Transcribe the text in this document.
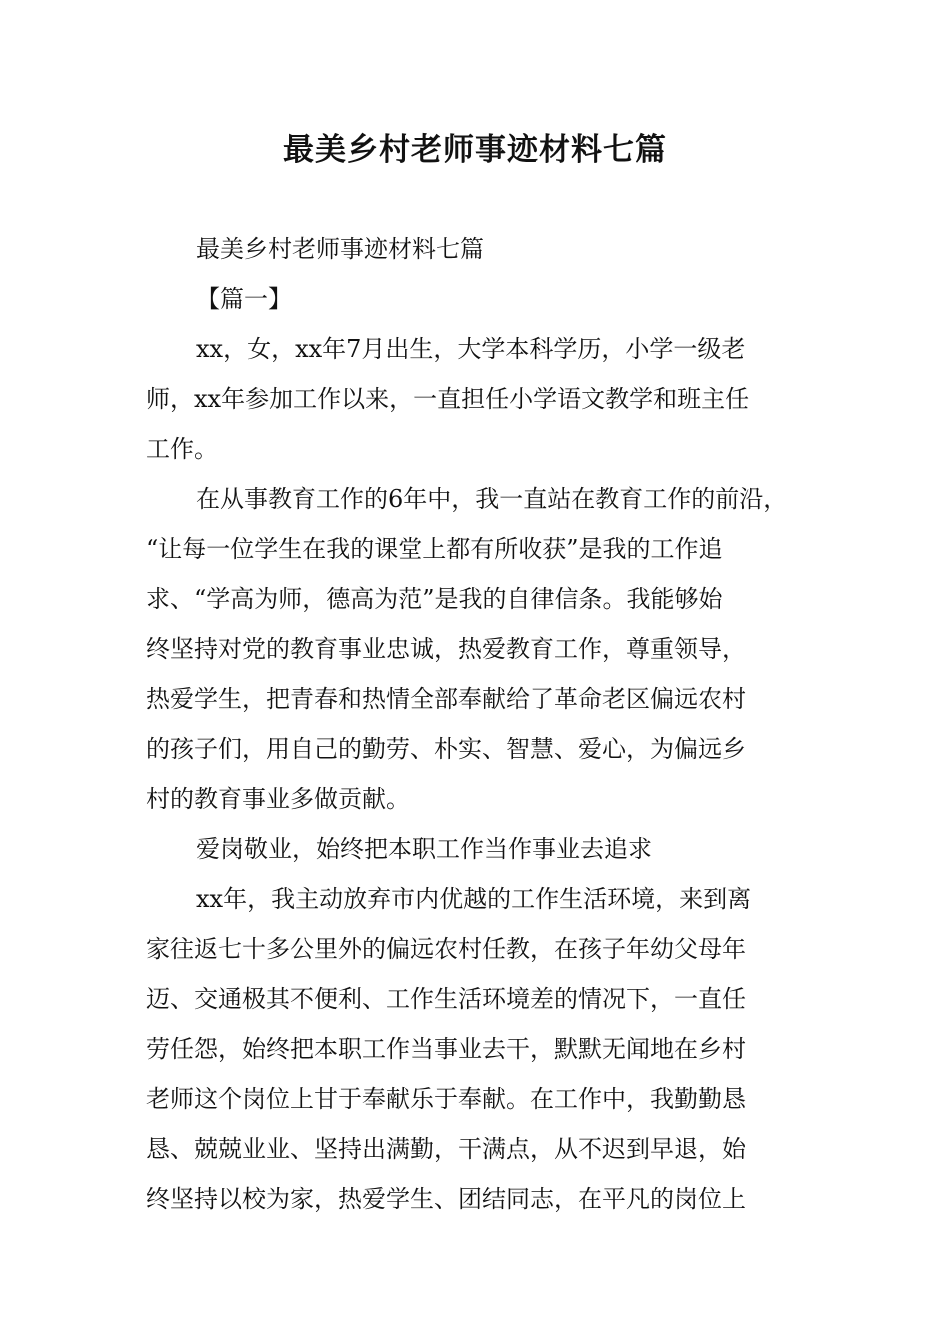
最美乡村老师事迹材料七篇
最美乡村老师事迹材料七篇
【篇一】
xx，女，xx年7月出生，大学本科学历，小学一级老
师，xx年参加工作以来，一直担任小学语文教学和班主任
工作。
在从事教育工作的6年中，我一直站在教育工作的前沿，
“让每一位学生在我的课堂上都有所收获”是我的工作追
求、“学高为师，德高为范”是我的自律信条。我能够始
终坚持对党的教育事业忠诚，热爱教育工作，尊重领导，
热爱学生，把青春和热情全部奉献给了革命老区偏远农村
的孩子们，用自己的勤劳、朴实、智慧、爱心，为偏远乡
村的教育事业多做贡献。
爱岗敬业，始终把本职工作当作事业去追求
xx年，我主动放弃市内优越的工作生活环境，来到离
家往返七十多公里外的偏远农村任教，在孩子年幼父母年
迈、交通极其不便利、工作生活环境差的情况下，一直任
劳任怨，始终把本职工作当事业去干，默默无闻地在乡村
老师这个岗位上甘于奉献乐于奉献。在工作中，我勤勤恳
恳、兢兢业业、坚持出满勤，干满点，从不迟到早退，始
终坚持以校为家，热爱学生、团结同志，在平凡的岗位上
